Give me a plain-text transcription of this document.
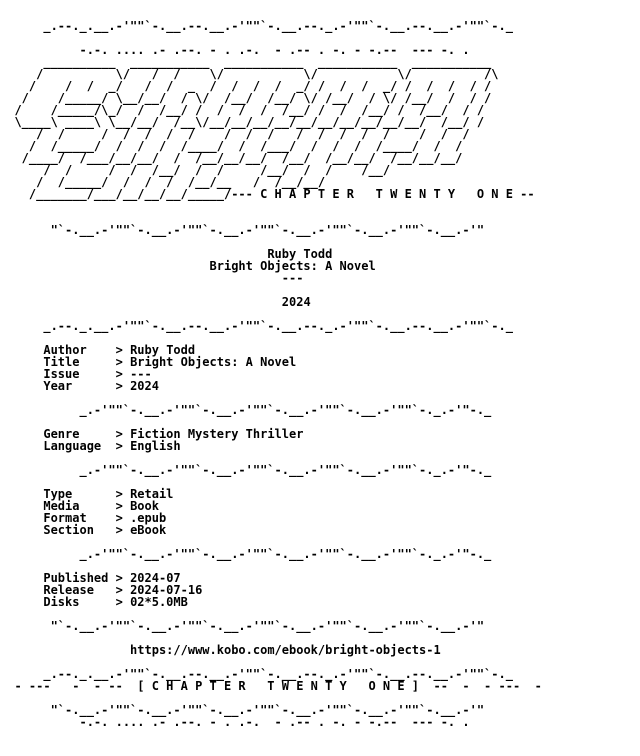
_.--._.__.-'""`-.__.--.__.-'""`-.__.--._.-'""`-.__.--.__.-'""`-._

-.-. .... .- .--. - . .-.  - .-- . -. - -.--  --- -. .
__________  ___________  ___________  ___________  ___________
/          \/   /  /    \/           \/           \/          /\
/    /  /  _/   /  /  _  /  /  /  /  _/ /  /  /  _/ /  /  /  / /
/    /_____/ \__/__/  / \/  /__/  /__/ \/ /__/  / \/ /__/  /  / /
/    /_____/\_/  /  /__/ /  /  /  /  /__/ /  /  /__/ /  /__/  / /
\____\ ____\ \__/__/  /__\/__/__/__/__/__/__/__/__/__/__/  /__/ /
/  /     /  /  /  /  /    /  /  /   /  /  /  /  /    /  /  /
/  /_____/  /  /  /  /____/  /  /___/  /  /  /  /____/  /  /
/____/  /___/__/__/  /  /__/__/__/  /__/  /__/__/  /__/__/__/
/  /     /  /  /__/  /  /     /__/  /  /    /__/
/  /_____/  /  /  /  /__/__   /  /__/__/
/_______/___/__/__/__/_____/--- C H A P T E R   T W E N T Y   O N E --

"`-.__.-'""`-.__.-'""`-.__.-'""`-.__.-'""`-.__.-'""`-.__.-'"

Ruby Todd
Bright Objects: A Novel
---

2024

_.--._.__.-'""`-.__.--.__.-'""`-.__.--._.-'""`-.__.--.__.-'""`-._

Author    > Ruby Todd
Title     > Bright Objects: A Novel
Issue     > ---
Year      > 2024

_.-'""`-.__.-'""`-.__.-'""`-.__.-'""`-.__.-'""`-._.-'"-._

Genre     > Fiction Mystery Thriller
Language  > English

_.-'""`-.__.-'""`-.__.-'""`-.__.-'""`-.__.-'""`-._.-'"-._

Type      > Retail
Media     > Book
Format    > .epub
Section   > eBook

_.-'""`-.__.-'""`-.__.-'""`-.__.-'""`-.__.-'""`-._.-'"-._

Published > 2024-07
Release   > 2024-07-16
Disks     > 02*5.0MB

"`-.__.-'""`-.__.-'""`-.__.-'""`-.__.-'""`-.__.-'""`-.__.-'"

https://www.kobo.com/ebook/bright-objects-1

_.--._.__.-'""`-.__.--.__.-'""`-.__.--._.-'""`-.__.--.__.-'""`-._
- ---   -  - --  [ C H A P T E R   T W E N T Y   O N E ]  --  -  - ---  -

"`-.__.-'""`-.__.-'""`-.__.-'""`-.__.-'""`-.__.-'""`-.__.-'"
-.-. .... .- .--. - . .-.  - .-- . -. - -.--  --- -. .
